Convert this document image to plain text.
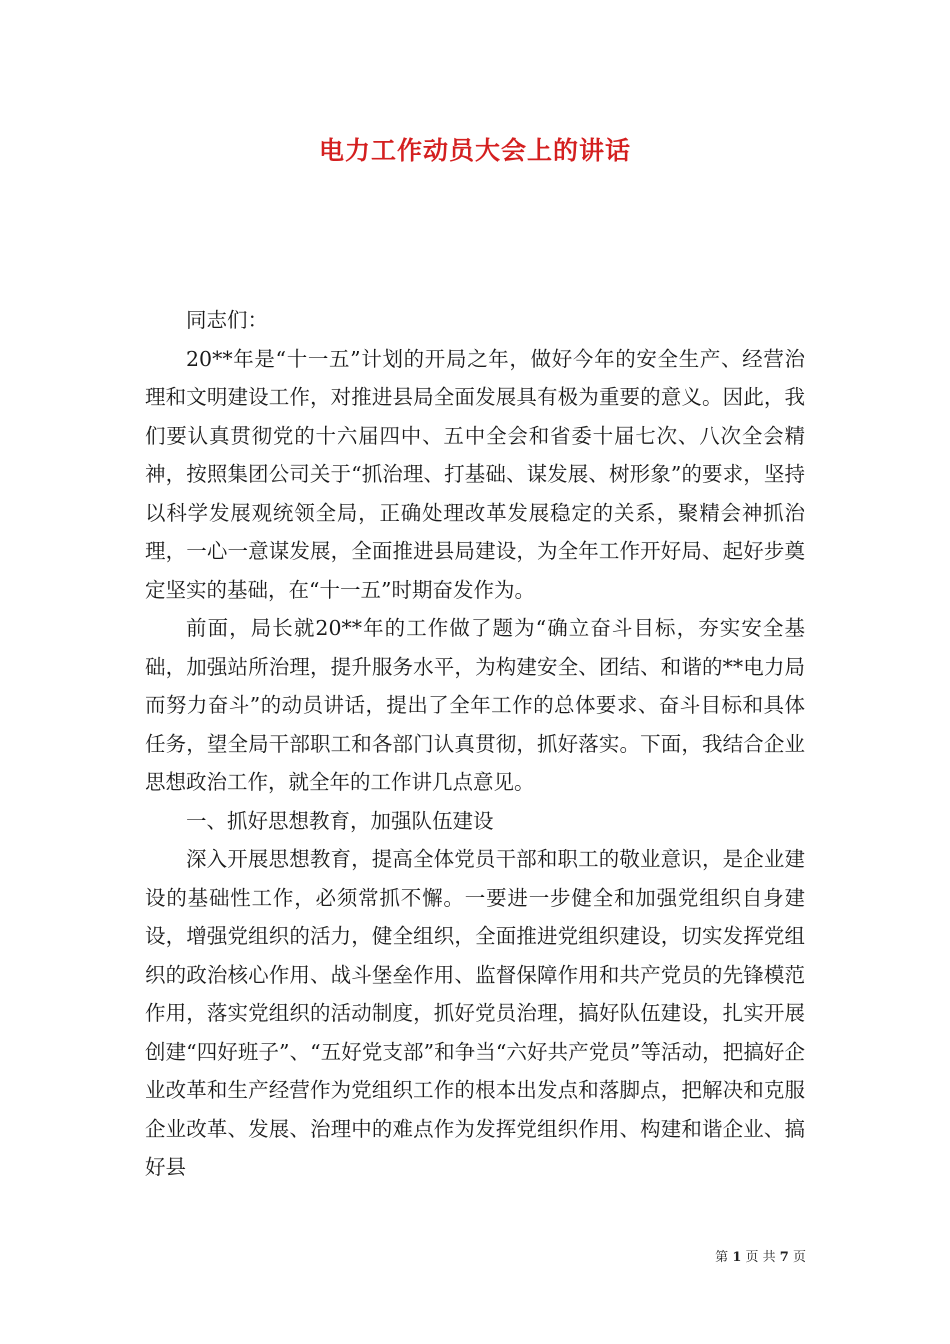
电力工作动员大会上的讲话

同志们：

20**年是“十一五”计划的开局之年，做好今年的安全生产、经营治理和文明建设工作，对推进县局全面发展具有极为重要的意义。因此，我们要认真贯彻党的十六届四中、五中全会和省委十届七次、八次全会精神，按照集团公司关于“抓治理、打基础、谋发展、树形象”的要求，坚持以科学发展观统领全局，正确处理改革发展稳定的关系，聚精会神抓治理，一心一意谋发展，全面推进县局建设，为全年工作开好局、起好步奠定坚实的基础，在“十一五”时期奋发作为。

前面，局长就20**年的工作做了题为“确立奋斗目标，夯实安全基础，加强站所治理，提升服务水平，为构建安全、团结、和谐的**电力局而努力奋斗”的动员讲话，提出了全年工作的总体要求、奋斗目标和具体任务，望全局干部职工和各部门认真贯彻，抓好落实。下面，我结合企业思想政治工作，就全年的工作讲几点意见。

一、抓好思想教育，加强队伍建设

深入开展思想教育，提高全体党员干部和职工的敬业意识，是企业建设的基础性工作，必须常抓不懈。一要进一步健全和加强党组织自身建设，增强党组织的活力，健全组织，全面推进党组织建设，切实发挥党组织的政治核心作用、战斗堡垒作用、监督保障作用和共产党员的先锋模范作用，落实党组织的活动制度，抓好党员治理，搞好队伍建设，扎实开展创建“四好班子”、“五好党支部”和争当“六好共产党员”等活动，把搞好企业改革和生产经营作为党组织工作的根本出发点和落脚点，把解决和克服企业改革、发展、治理中的难点作为发挥党组织作用、构建和谐企业、搞好县

第 1 页 共 7 页
